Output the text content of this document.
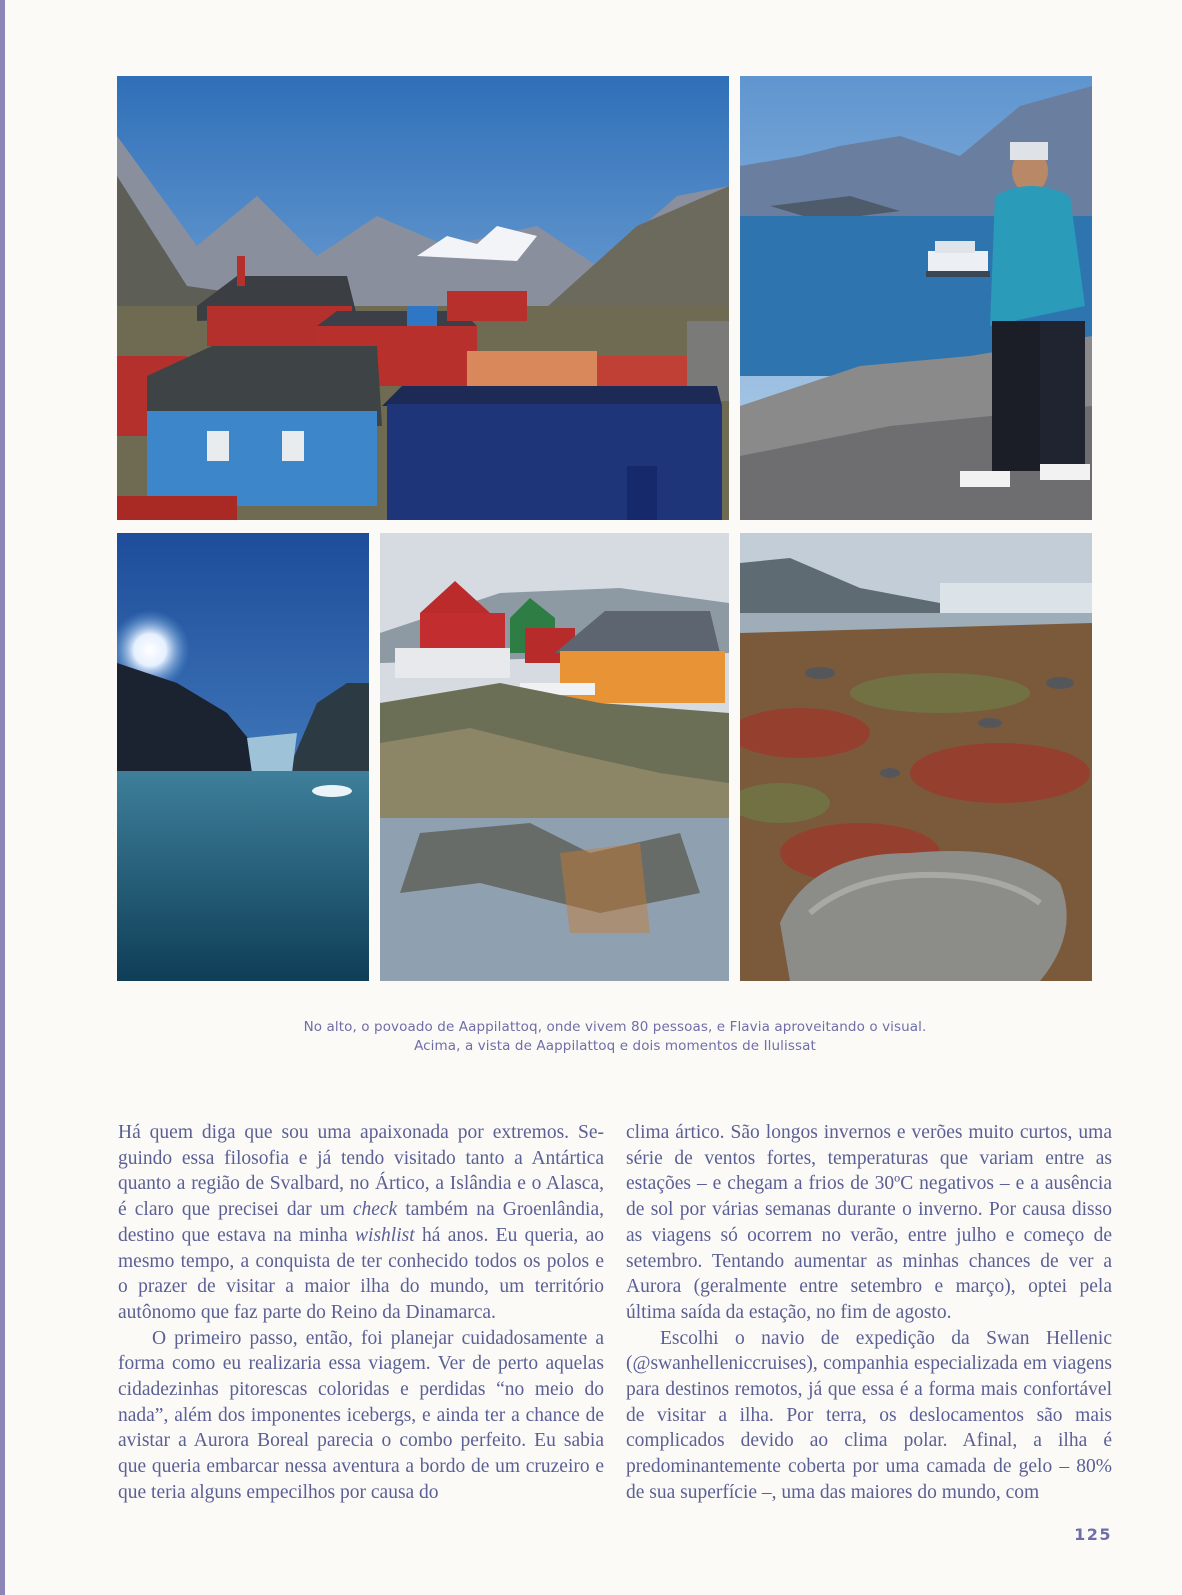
No alto, o povoado de Aappilattoq, onde vivem 80 pessoas, e Flavia aproveitando o visual.
Acima, a vista de Aappilattoq e dois momentos de Ilulissat

Há quem diga que sou uma apaixonada por extremos. Seguindo essa filosofia e já tendo visitado tanto a Antártica quanto a região de Svalbard, no Ártico, a Islândia e o Alasca, é claro que precisei dar um check também na Groenlândia, destino que estava na minha wishlist há anos. Eu queria, ao mesmo tempo, a conquista de ter conhecido todos os polos e o prazer de visitar a maior ilha do mundo, um território autônomo que faz parte do Reino da Dinamarca.

O primeiro passo, então, foi planejar cuidadosamente a forma como eu realizaria essa viagem. Ver de perto aquelas cidadezinhas pitorescas coloridas e perdidas “no meio do nada”, além dos imponentes icebergs, e ainda ter a chance de avistar a Aurora Boreal parecia o combo perfeito. Eu sabia que queria embarcar nessa aventura a bordo de um cruzeiro e que teria alguns empecilhos por causa do

clima ártico. São longos invernos e verões muito curtos, uma série de ventos fortes, temperaturas que variam entre as estações – e chegam a frios de 30ºC negativos – e a ausência de sol por várias semanas durante o inverno. Por causa disso as viagens só ocorrem no verão, entre julho e começo de setembro. Tentando aumentar as minhas chances de ver a Aurora (geralmente entre setembro e março), optei pela última saída da estação, no fim de agosto.

Escolhi o navio de expedição da Swan Hellenic (@swanhelleniccruises), companhia especializada em viagens para destinos remotos, já que essa é a forma mais confortável de visitar a ilha. Por terra, os deslocamentos são mais complicados devido ao clima polar. Afinal, a ilha é predominantemente coberta por uma camada de gelo – 80% de sua superfície –, uma das maiores do mundo, com

125
